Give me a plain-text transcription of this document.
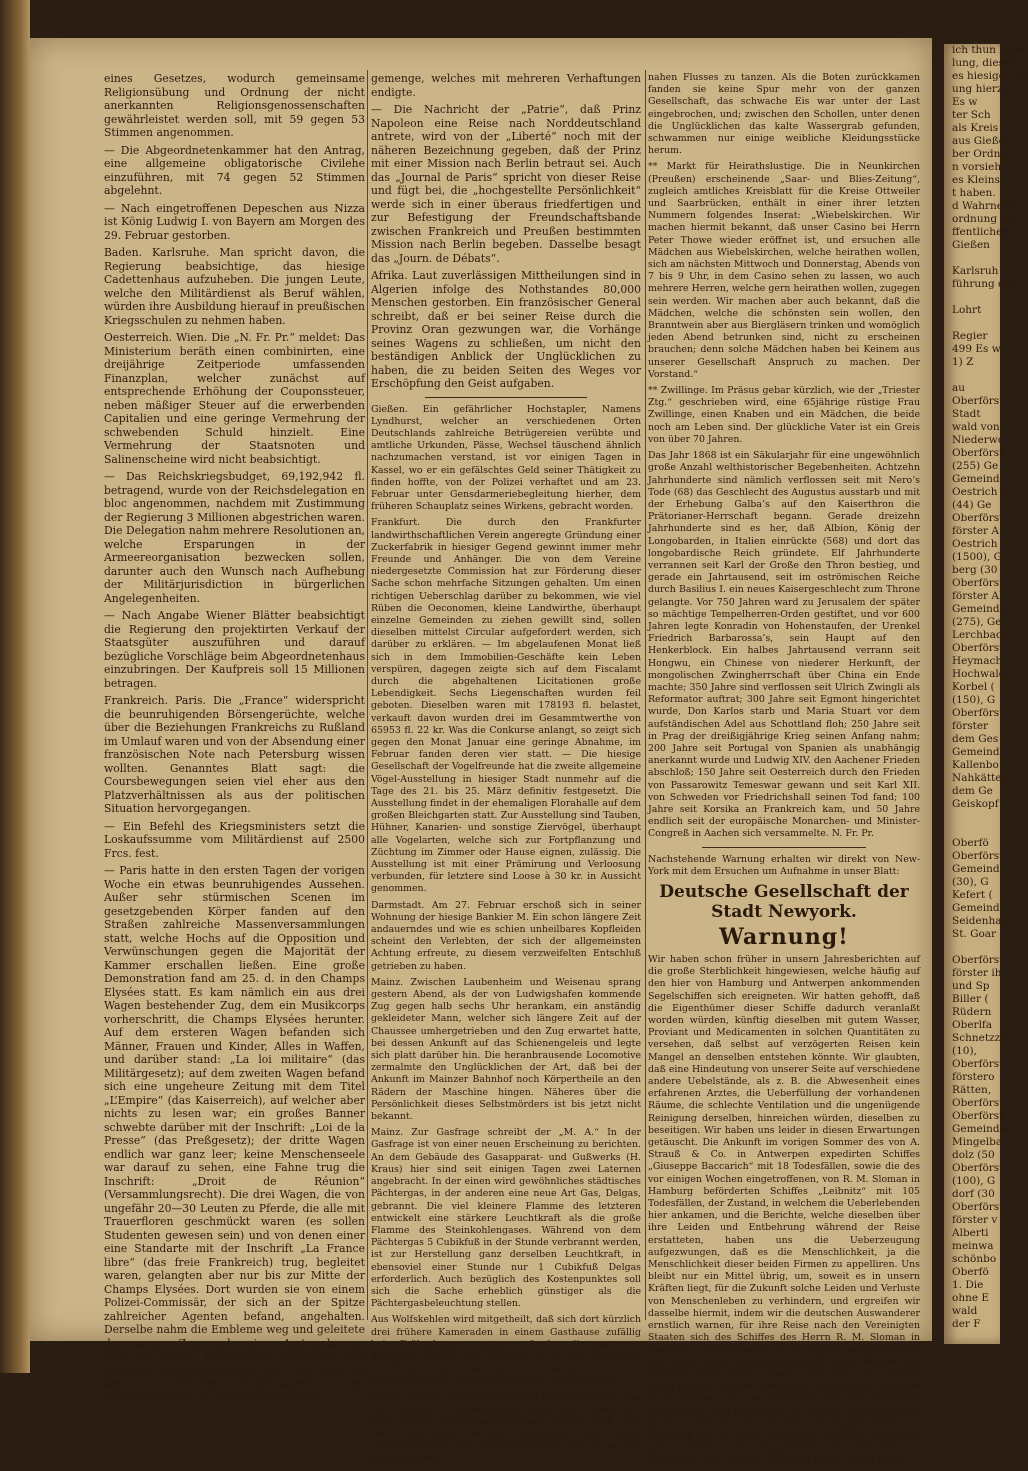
eines Gesetzes, wodurch gemeinsame Religionsübung und Ordnung der nicht anerkannten Religionsgenossenschaften gewährleistet werden soll, mit 59 gegen 53 Stimmen angenommen.

— Die Abgeordnetenkammer hat den Antrag, eine allgemeine obligatorische Civilehe einzuführen, mit 74 gegen 52 Stimmen abgelehnt.

— Nach eingetroffenen Depeschen aus Nizza ist König Ludwig I. von Bayern am Morgen des 29. Februar gestorben.

Baden. Karlsruhe. Man spricht davon, die Regierung beabsichtige, das hiesige Cadettenhaus aufzuheben. Die jungen Leute, welche den Militärdienst als Beruf wählen, würden ihre Ausbildung hierauf in preußischen Kriegsschulen zu nehmen haben.

Oesterreich. Wien. Die „N. Fr. Pr.“ meldet: Das Ministerium beräth einen combinirten, eine dreijährige Zeitperiode umfassenden Finanzplan, welcher zunächst auf entsprechende Erhöhung der Couponssteuer, neben mäßiger Steuer auf die erwerbenden Capitalien und eine geringe Vermehrung der schwebenden Schuld hinzielt. Eine Vermehrung der Staatsnoten und Salinenscheine wird nicht beabsichtigt.

— Das Reichskriegsbudget, 69,192,942 fl. betragend, wurde von der Reichsdelegation en bloc angenommen, nachdem mit Zustimmung der Regierung 3 Millionen abgestrichen waren. Die Delegation nahm mehrere Resolutionen an, welche Ersparungen in der Armeereorganisation bezwecken sollen, darunter auch den Wunsch nach Aufhebung der Militärjurisdiction in bürgerlichen Angelegenheiten.

— Nach Angabe Wiener Blätter beabsichtigt die Regierung den projektirten Verkauf der Staatsgüter auszuführen und darauf bezügliche Vorschläge beim Abgeordnetenhaus einzubringen. Der Kaufpreis soll 15 Millionen betragen.

Frankreich. Paris. Die „France“ widerspricht die beunruhigenden Börsengerüchte, welche über die Beziehungen Frankreichs zu Rußland im Umlauf waren und von der Absendung einer französischen Note nach Petersburg wissen wollten. Genanntes Blatt sagt: die Coursbewegungen seien viel eher aus den Platzverhältnissen als aus der politischen Situation hervorgegangen.

— Ein Befehl des Kriegsministers setzt die Loskaufssumme vom Militärdienst auf 2500 Frcs. fest.

— Paris hatte in den ersten Tagen der vorigen Woche ein etwas beunruhigendes Aussehen. Außer sehr stürmischen Scenen im gesetzgebenden Körper fanden auf den Straßen zahlreiche Massenversammlungen statt, welche Hochs auf die Opposition und Verwünschungen gegen die Majorität der Kammer erschallen ließen. Eine große Demonstration fand am 25. d. in den Champs Elysées statt. Es kam nämlich ein aus drei Wagen bestehender Zug, dem ein Musikcorps vorherschritt, die Champs Elysées herunter. Auf dem ersteren Wagen befanden sich Männer, Frauen und Kinder, Alles in Waffen, und darüber stand: „La loi militaire“ (das Militärgesetz); auf dem zweiten Wagen befand sich eine ungeheure Zeitung mit dem Titel „L’Empire“ (das Kaiserreich), auf welcher aber nichts zu lesen war; ein großes Banner schwebte darüber mit der Inschrift: „Loi de la Presse“ (das Preßgesetz); der dritte Wagen endlich war ganz leer; keine Menschenseele war darauf zu sehen, eine Fahne trug die Inschrift: „Droit de Réunion“ (Versammlungsrecht). Die drei Wagen, die von ungefähr 20—30 Leuten zu Pferde, die alle mit Trauerfloren geschmückt waren (es sollen Studenten gewesen sein) und von denen einer eine Standarte mit der Inschrift „La France libre“ (das freie Frankreich) trug, begleitet waren, gelangten aber nur bis zur Mitte der Champs Elysées. Dort wurden sie von einem Polizei-Commissär, der sich an der Spitze zahlreicher Agenten befand, angehalten. Derselbe nahm die Embleme weg und geleitete den ganzen Zug nach seiner Amtswohnung. Auch in andern Stadttheilen versuchte man ähnliche Demonstrationen und hier und da kam es zwischen Polizei-Agenten und Blousenmännern zu ernstlichem Hand-

gemenge, welches mit mehreren Verhaftungen endigte.

— Die Nachricht der „Patrie“, daß Prinz Napoleon eine Reise nach Norddeutschland antrete, wird von der „Liberté“ noch mit der näheren Bezeichnung gegeben, daß der Prinz mit einer Mission nach Berlin betraut sei. Auch das „Journal de Paris“ spricht von dieser Reise und fügt bei, die „hochgestellte Persönlichkeit“ werde sich in einer überaus friedfertigen und zur Befestigung der Freundschaftsbande zwischen Frankreich und Preußen bestimmten Mission nach Berlin begeben. Dasselbe besagt das „Journ. de Débats“.

Afrika. Laut zuverlässigen Mittheilungen sind in Algerien infolge des Nothstandes 80,000 Menschen gestorben. Ein französischer General schreibt, daß er bei seiner Reise durch die Provinz Oran gezwungen war, die Vorhänge seines Wagens zu schließen, um nicht den beständigen Anblick der Unglücklichen zu haben, die zu beiden Seiten des Weges vor Erschöpfung den Geist aufgaben.

Gießen. Ein gefährlicher Hochstapler, Namens Lyndhurst, welcher an verschiedenen Orten Deutschlands zahlreiche Betrügereien verübte und amtliche Urkunden, Pässe, Wechsel täuschend ähnlich nachzumachen verstand, ist vor einigen Tagen in Kassel, wo er ein gefälschtes Geld seiner Thätigkeit zu finden hoffte, von der Polizei verhaftet und am 23. Februar unter Gensdarmeriebegleitung hierher, dem früheren Schauplatz seines Wirkens, gebracht worden.

Frankfurt. Die durch den Frankfurter landwirthschaftlichen Verein angeregte Gründung einer Zuckerfabrik in hiesiger Gegend gewinnt immer mehr Freunde und Anhänger. Die von dem Vereine niedergesetzte Commission hat zur Förderung dieser Sache schon mehrfache Sitzungen gehalten. Um einen richtigen Ueberschlag darüber zu bekommen, wie viel Rüben die Oeconomen, kleine Landwirthe, überhaupt einzelne Gemeinden zu ziehen gewillt sind, sollen dieselben mittelst Circular aufgefordert werden, sich darüber zu erklären. — Im abgelaufenen Monat ließ sich in dem Immobilien-Geschäfte kein Leben verspüren, dagegen zeigte sich auf dem Fiscalamt durch die abgehaltenen Licitationen große Lebendigkeit. Sechs Liegenschaften wurden feil geboten. Dieselben waren mit 178193 fl. belastet, verkauft davon wurden drei im Gesammtwerthe von 65953 fl. 22 kr. Was die Conkurse anlangt, so zeigt sich gegen den Monat Januar eine geringe Abnahme, im Februar fanden deren vier statt. — Die hiesige Gesellschaft der Vogelfreunde hat die zweite allgemeine Vögel-Ausstellung in hiesiger Stadt nunmehr auf die Tage des 21. bis 25. März definitiv festgesetzt. Die Ausstellung findet in der ehemaligen Florahalle auf dem großen Bleichgarten statt. Zur Ausstellung sind Tauben, Hühner, Kanarien- und sonstige Ziervögel, überhaupt alle Vogelarten, welche sich zur Fortpflanzung und Züchtung im Zimmer oder Hause eignen, zulässig. Die Ausstellung ist mit einer Prämirung und Verloosung verbunden, für letztere sind Loose à 30 kr. in Aussicht genommen.

Darmstadt. Am 27. Februar erschoß sich in seiner Wohnung der hiesige Bankier M. Ein schon längere Zeit andauerndes und wie es schien unheilbares Kopfleiden scheint den Verlebten, der sich der allgemeinsten Achtung erfreute, zu diesem verzweifelten Entschluß getrieben zu haben.

Mainz. Zwischen Laubenheim und Weisenau sprang gestern Abend, als der von Ludwigshafen kommende Zug gegen halb sechs Uhr herankam, ein anständig gekleideter Mann, welcher sich längere Zeit auf der Chaussee umhergetrieben und den Zug erwartet hatte, bei dessen Ankunft auf das Schienengeleis und legte sich platt darüber hin. Die heranbrausende Locomotive zermalmte den Unglücklichen der Art, daß bei der Ankunft im Mainzer Bahnhof noch Körpertheile an den Rädern der Maschine hingen. Näheres über die Persönlichkeit dieses Selbstmörders ist bis jetzt nicht bekannt.

Mainz. Zur Gasfrage schreibt der „M. A.“ In der Gasfrage ist von einer neuen Erscheinung zu berichten. An dem Gebäude des Gasapparat- und Gußwerks (H. Kraus) hier sind seit einigen Tagen zwei Laternen angebracht. In der einen wird gewöhnliches städtisches Pächtergas, in der anderen eine neue Art Gas, Delgas, gebrannt. Die viel kleinere Flamme des letzteren entwickelt eine stärkere Leuchtkraft als die große Flamme des Steinkohlengases. Während von dem Pächtergas 5 Cubikfuß in der Stunde verbrannt werden, ist zur Herstellung ganz derselben Leuchtkraft, in ebensoviel einer Stunde nur 1 Cubikfuß Delgas erforderlich. Auch bezüglich des Kostenpunktes soll sich die Sache erheblich günstiger als die Pächtergasbeleuchtung stellen.

Aus Wolfskehlen wird mitgetheilt, daß sich dort kürzlich drei frühere Kameraden in einem Gasthause zufällig beim Frühschoppen zusammen fanden, die zusammen 255 Jahre zählten. Der Aelteste ist 92, der Zweite 81, der Dritte 79 Jahre alt. Sie waren lustig und heiterer Dinge. Möge sie Gott noch lange am Leben erhalten.

Wiener Blätter erzählen von einem großen Unglück, das sich unlängst in Siebenbürgen zugetragen haben soll. Eine lustige Hochzeitsgesellschaft näherte sich dem Dorfe und hatte, um sich anzumelden, zwei Reiter vorausgeschickt. Bis zu ihrer Rückkehr fing sie an, auf dem Eise eines

nahen Flusses zu tanzen. Als die Boten zurückkamen fanden sie keine Spur mehr von der ganzen Gesellschaft, das schwache Eis war unter der Last eingebrochen, und; zwischen den Schollen, unter denen die Unglücklichen das kalte Wassergrab gefunden, schwammen nur einige weibliche Kleidungsstücke herum.

** Markt für Heirathslustige. Die in Neunkirchen (Preußen) erscheinende „Saar- und Blies-Zeitung“, zugleich amtliches Kreisblatt für die Kreise Ottweiler und Saarbrücken, enthält in einer ihrer letzten Nummern folgendes Inserat: „Wiebelskirchen. Wir machen hiermit bekannt, daß unser Casino bei Herrn Peter Thowe wieder eröffnet ist, und ersuchen alle Mädchen aus Wiebelskirchen, welche heirathen wollen, sich am nächsten Mittwoch und Donnerstag, Abends von 7 bis 9 Uhr, in dem Casino sehen zu lassen, wo auch mehrere Herren, welche gern heirathen wollen, zugegen sein werden. Wir machen aber auch bekannt, daß die Mädchen, welche die schönsten sein wollen, den Branntwein aber aus Biergläsern trinken und womöglich jeden Abend betrunken sind, nicht zu erscheinen brauchen; denn solche Mädchen haben bei Keinem aus unserer Gesellschaft Anspruch zu machen. Der Vorstand.“

** Zwillinge. Im Präsus gebar kürzlich, wie der „Triester Ztg.“ geschrieben wird, eine 65jährige rüstige Frau Zwillinge, einen Knaben und ein Mädchen, die beide noch am Leben sind. Der glückliche Vater ist ein Greis von über 70 Jahren.

Das Jahr 1868 ist ein Säkularjahr für eine ungewöhnlich große Anzahl welthistorischer Begebenheiten. Achtzehn Jahrhunderte sind nämlich verflossen seit mit Nero’s Tode (68) das Geschlecht des Augustus ausstarb und mit der Erhebung Galba’s auf den Kaiserthron die Prätorianer-Herrschaft begann. Gerade dreizehn Jahrhunderte sind es her, daß Albion, König der Longobarden, in Italien einrückte (568) und dort das longobardische Reich gründete. Elf Jahrhunderte verrannen seit Karl der Große den Thron bestieg, und gerade ein Jahrtausend, seit im oströmischen Reiche durch Basilius I. ein neues Kaisergeschlecht zum Throne gelangte. Vor 750 Jahren ward zu Jerusalem der später so mächtige Tempelherren-Orden gestiftet, und vor 600 Jahren legte Konradin von Hohenstaufen, der Urenkel Friedrich Barbarossa’s, sein Haupt auf den Henkerblock. Ein halbes Jahrtausend verrann seit Hongwu, ein Chinese von niederer Herkunft, der mongolischen Zwingherrschaft über China ein Ende machte; 350 Jahre sind verflossen seit Ulrich Zwingli als Reformator auftrat; 300 Jahre seit Egmont hingerichtet wurde, Don Karlos starb und Maria Stuart vor dem aufständischen Adel aus Schottland floh; 250 Jahre seit in Prag der dreißigjährige Krieg seinen Anfang nahm; 200 Jahre seit Portugal von Spanien als unabhängig anerkannt wurde und Ludwig XIV. den Aachener Frieden abschloß; 150 Jahre seit Oesterreich durch den Frieden von Passarowitz Temeswar gewann und seit Karl XII. von Schweden vor Friedrichshall seinen Tod fand; 100 Jahre seit Korsika an Frankreich kam, und 50 Jahre endlich seit der europäische Monarchen- und Minister-Congreß in Aachen sich versammelte. N. Fr. Pr.

Nachstehende Warnung erhalten wir direkt von New-York mit dem Ersuchen um Aufnahme in unser Blatt:

Deutsche Gesellschaft der Stadt Newyork.
Warnung!

Wir haben schon früher in unsern Jahresberichten auf die große Sterblichkeit hingewiesen, welche häufig auf den hier von Hamburg und Antwerpen ankommenden Segelschiffen sich ereigneten. Wir hatten gehofft, daß die Eigenthümer dieser Schiffe dadurch veranlaßt worden würden, künftig dieselben mit gutem Wasser, Proviant und Medicamenten in solchen Quantitäten zu versehen, daß selbst auf verzögerten Reisen kein Mangel an denselben entstehen könnte. Wir glaubten, daß eine Hindeutung von unserer Seite auf verschiedene andere Uebelstände, als z. B. die Abwesenheit eines erfahrenen Arztes, die Ueberfüllung der vorhandenen Räume, die schlechte Ventilation und die ungenügende Reinigung derselben, hinreichen würden, dieselben zu beseitigen. Wir haben uns leider in diesen Erwartungen getäuscht. Die Ankunft im vorigen Sommer des von A. Strauß & Co. in Antwerpen expedirten Schiffes „Giuseppe Baccarich“ mit 18 Todesfällen, sowie die des vor einigen Wochen eingetroffenen, von R. M. Sloman in Hamburg beförderten Schiffes „Leibnitz“ mit 105 Todesfällen, der Zustand, in welchem die Ueberlebenden hier ankamen, und die Berichte, welche dieselben über ihre Leiden und Entbehrung während der Reise erstatteten, haben uns die Ueberzeugung aufgezwungen, daß es die Menschlichkeit, ja die Menschlichkeit dieser beiden Firmen zu appelliren. Uns bleibt nur ein Mittel übrig, um, soweit es in unsern Kräften liegt, für die Zukunft solche Leiden und Verluste von Menschenleben zu verhindern, und ergreifen wir dasselbe hiermit, indem wir die deutschen Auswanderer ernstlich warnen, für ihre Reise nach den Vereinigten Staaten sich des Schiffes des Herrn R. M. Sloman in Hamburg anzuvertrauen. Es ist höchst wahrscheinlich, daß diese Leute künftig ihre Schiffe durch Mäkler und Agenten anempfehlen lassen, ohne daß ihre Namen dabei genannt werden. Soviel hier bekannt ist, controlirt R. M. Sloman alle von Hamburg nach hier gehenden Segelschiffe, und empfehlen wir deßhalb Auswanderern, so lange dies der Fall ist, nicht mit Segelschiffen von Hamburg aus zu reisen, und wenn sie über Antwerpen gehen wollen, alle Segelschiffe und Dampfer zu vermeiden, mit welchen A. Strauß & Co. irgend etwas

ich thun habe,
lung, dieselb
es hiesiger Ge
ung hierzu
Es w
ter Sch
als Kreis
aus Gießen
ber Ordnu
n vorsieht
es Kleinst
t haben.
d Wahrnehm
ordnung de
ffentlichen
Gießen

Karlsruh
führung der

Lohrt

Regier
499 Es w
1) Z

au
Oberförst
Stadt
wald von
Niederwo
Oberförst
(255) Ge
Gemeinde
Oestrich (3
(44) Ge
Oberförst
förster A
Oestrich (
(1500), G
berg (30
Oberförst
förster Al
Gemeinde
(275), Ge
Lerchbach
Oberförst
Heymach
Hochwald
Korbel (
(150), G
Oberförst
förster
dem Ges
Gemeind
Kallenbo
Nahkätten
dem Ge
Geiskopf

Oberfö
Oberförst
Gemeind
(30), G
Kefert (
Gemeind
Seidenhau
St. Goar

Oberförst
förster ih
und Sp
Biller (
Rüdern
Oberlfa
Schnetzzu
(10),
Oberförst
förstero
Rätten,
Oberförst
Oberförst
Gemeinden
Mingelba
dolz (50
Oberförst
(100), G
dorf (30
Oberförst
förster v
Alberti
meinwa
schönbo
Oberfö
1. Die
ohne E
wald
der F
